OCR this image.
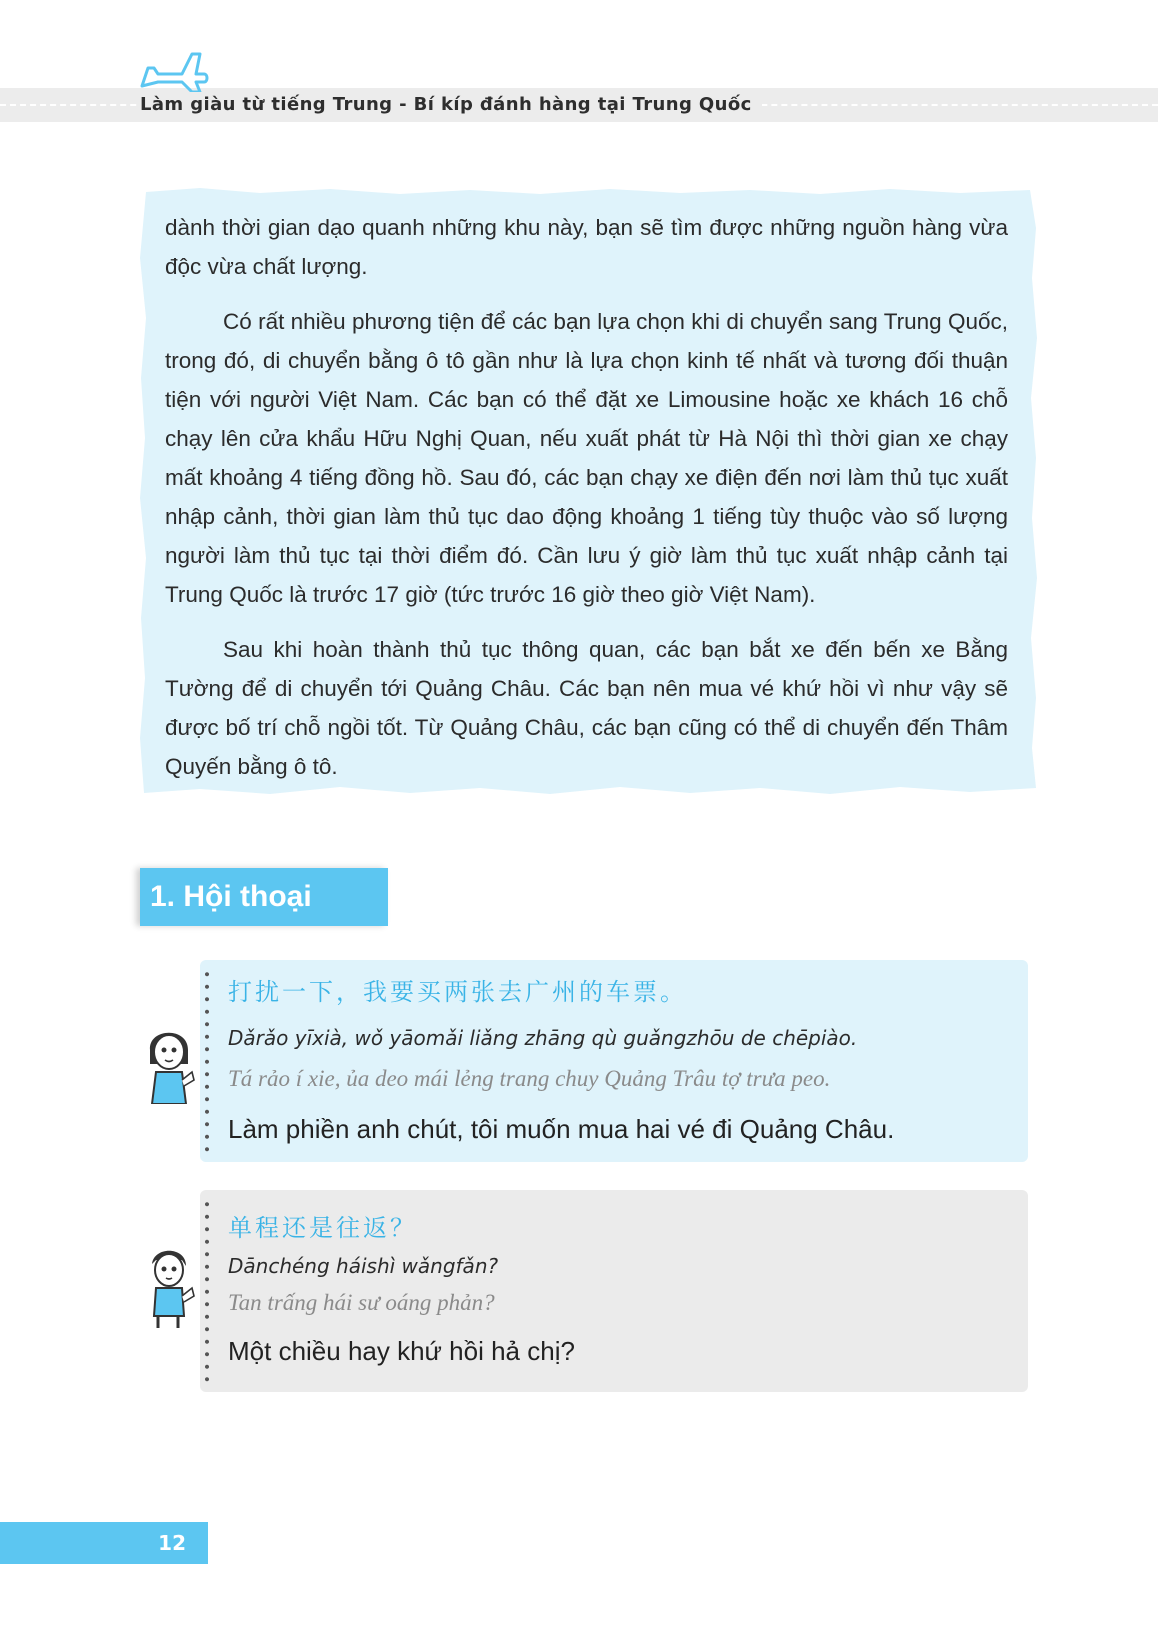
Làm giàu từ tiếng Trung - Bí kíp đánh hàng tại Trung Quốc

dành thời gian dạo quanh những khu này, bạn sẽ tìm được những nguồn hàng vừa độc vừa chất lượng.

Có rất nhiều phương tiện để các bạn lựa chọn khi di chuyển sang Trung Quốc, trong đó, di chuyển bằng ô tô gần như là lựa chọn kinh tế nhất và tương đối thuận tiện với người Việt Nam. Các bạn có thể đặt xe Limousine hoặc xe khách 16 chỗ chạy lên cửa khẩu Hữu Nghị Quan, nếu xuất phát từ Hà Nội thì thời gian xe chạy mất khoảng 4 tiếng đồng hồ. Sau đó, các bạn chạy xe điện đến nơi làm thủ tục xuất nhập cảnh, thời gian làm thủ tục dao động khoảng 1 tiếng tùy thuộc vào số lượng người làm thủ tục tại thời điểm đó. Cần lưu ý giờ làm thủ tục xuất nhập cảnh tại Trung Quốc là trước 17 giờ (tức trước 16 giờ theo giờ Việt Nam).

Sau khi hoàn thành thủ tục thông quan, các bạn bắt xe đến bến xe Bằng Tường để di chuyển tới Quảng Châu. Các bạn nên mua vé khứ hồi vì như vậy sẽ được bố trí chỗ ngồi tốt. Từ Quảng Châu, các bạn cũng có thể di chuyển đến Thâm Quyến bằng ô tô.

1. Hội thoại
打扰一下，我要买两张去广州的车票。
Dǎrǎo yīxià, wǒ yāomǎi liǎng zhāng qù guǎngzhōu de chēpiào.
Tá rảo í xie, ủa deo mái lẻng trang chuy Quảng Trâu tợ trưa peo.
Làm phiền anh chút, tôi muốn mua hai vé đi Quảng Châu.
单程还是往返？
Dānchéng háishì wǎngfǎn?
Tan trấng hái sư oáng phản?
Một chiều hay khứ hồi hả chị?
12
